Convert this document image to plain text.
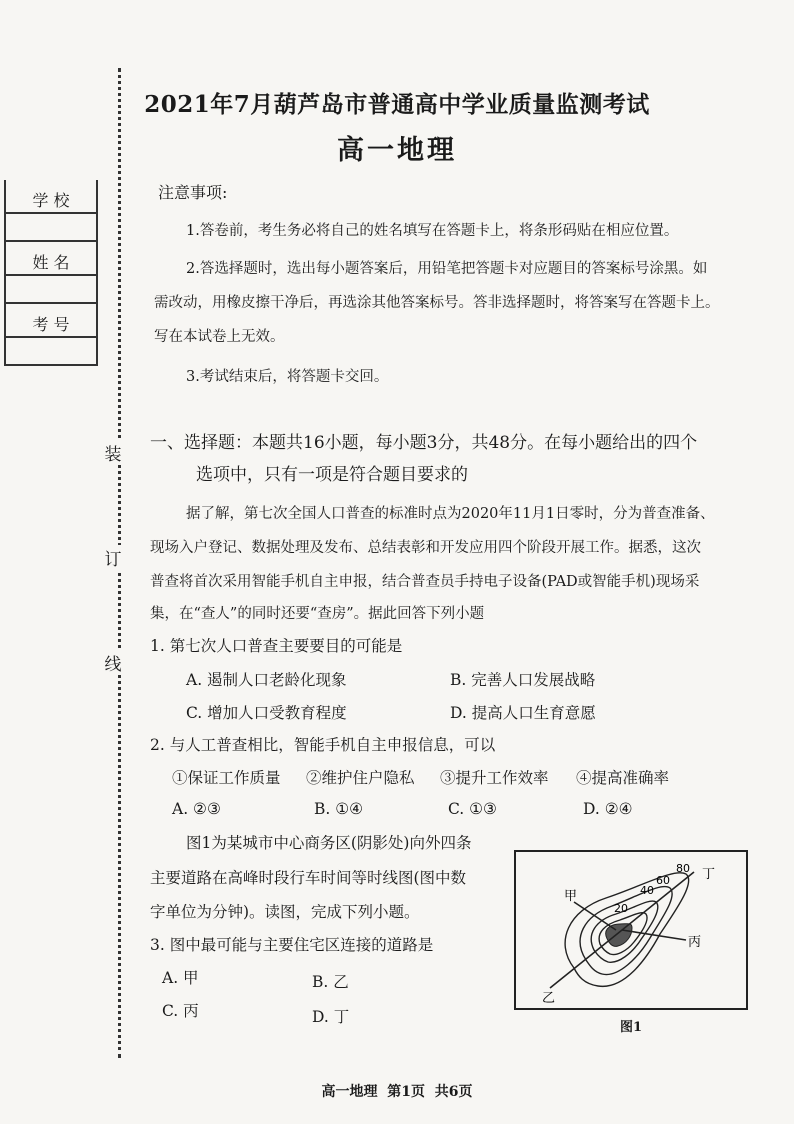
2021年7月葫芦岛市普通高中学业质量监测考试
高一地理
学 校
姓 名
考 号
装
订
线
注意事项:
1.答卷前，考生务必将自己的姓名填写在答题卡上，将条形码贴在相应位置。
2.答选择题时，选出每小题答案后，用铅笔把答题卡对应题目的答案标号涂黑。如
需改动，用橡皮擦干净后，再选涂其他答案标号。答非选择题时，将答案写在答题卡上。
写在本试卷上无效。
3.考试结束后，将答题卡交回。
一、选择题：本题共16小题，每小题3分，共48分。在每小题给出的四个
选项中，只有一项是符合题目要求的
据了解，第七次全国人口普查的标准时点为2020年11月1日零时，分为普查准备、
现场入户登记、数据处理及发布、总结表彰和开发应用四个阶段开展工作。据悉，这次
普查将首次采用智能手机自主申报，结合普查员手持电子设备(PAD或智能手机)现场采
集，在“查人”的同时还要“查房”。据此回答下列小题
1. 第七次人口普查主要要目的可能是
A. 遏制人口老龄化现象	B. 完善人口发展战略
C. 增加人口受教育程度	D. 提高人口生育意愿
2. 与人工普查相比，智能手机自主申报信息，可以
①保证工作质量 ②维护住户隐私 ③提升工作效率 ④提高准确率
A. ②③	B. ①④	C. ①③	D. ②④
图1为某城市中心商务区(阴影处)向外四条
主要道路在高峰时段行车时间等时线图(图中数
字单位为分钟)。读图，完成下列小题。
3. 图中最可能与主要住宅区连接的道路是
A. 甲	B. 乙
C. 丙	D. 丁
甲
乙
丙
丁
20
40
60
80
图1
高一地理  第1页  共6页
